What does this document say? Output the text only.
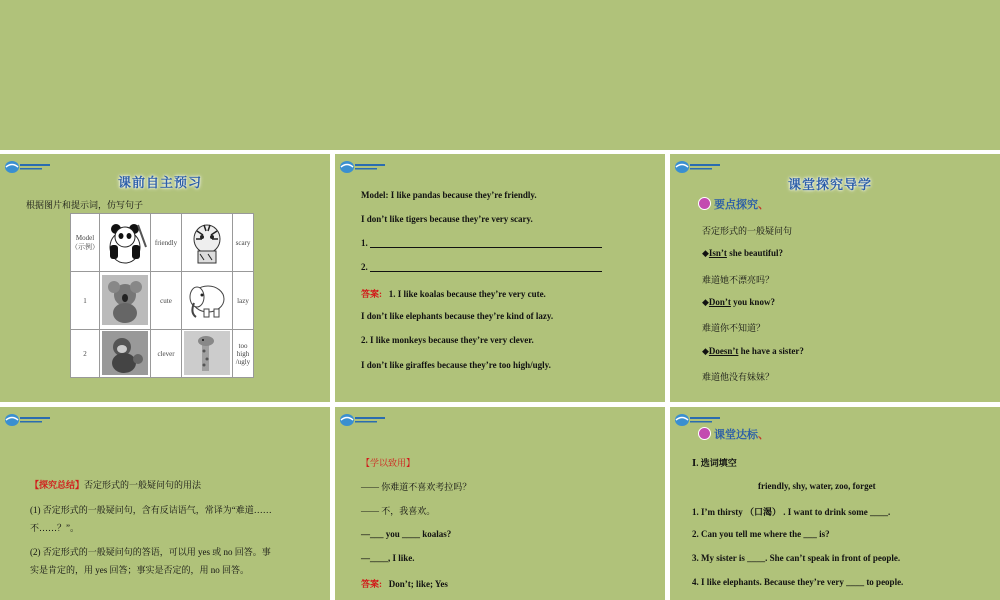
课前自主预习
根据图片和提示词，仿写句子
Model（示例）		friendly		scary
1		cute		lazy
2		clever		too high /ugly
Model: I like pandas because they’re friendly.
I don’t like tigers because they’re very scary.
1.
2.
答案: 1. I like koalas because they’re very cute.
I don’t like elephants because they’re kind of lazy.
2. I like monkeys because they’re very clever.
I don’t like giraffes because they’re too high/ugly.
课堂探究导学
要点探究、
否定形式的一般疑问句
◆Isn’t she beautiful?
难道她不漂亮吗？
◆Don’t you know?
难道你不知道？
◆Doesn’t he have a sister?
难道他没有妹妹？
【探究总结】否定形式的一般疑问句的用法
(1) 否定形式的一般疑问句，含有反诘语气，常译为“难道……
不……？”。
(2) 否定形式的一般疑问句的答语，可以用 yes 或 no 回答。事
实是肯定的，用 yes 回答；事实是否定的，用 no 回答。
【学以致用】
—— 你难道不喜欢考拉吗？
—— 不，我喜欢。
—___ you ____ koalas?
—____, I like.
答案: Don’t; like; Yes
课堂达标、
Ⅰ. 选词填空
friendly, shy, water, zoo, forget
1. I’m thirsty （口渴） . I want to drink some ____.
2. Can you tell me where the ___ is?
3. My sister is ____. She can’t speak in front of people.
4. I like elephants. Because they’re very ____ to people.
